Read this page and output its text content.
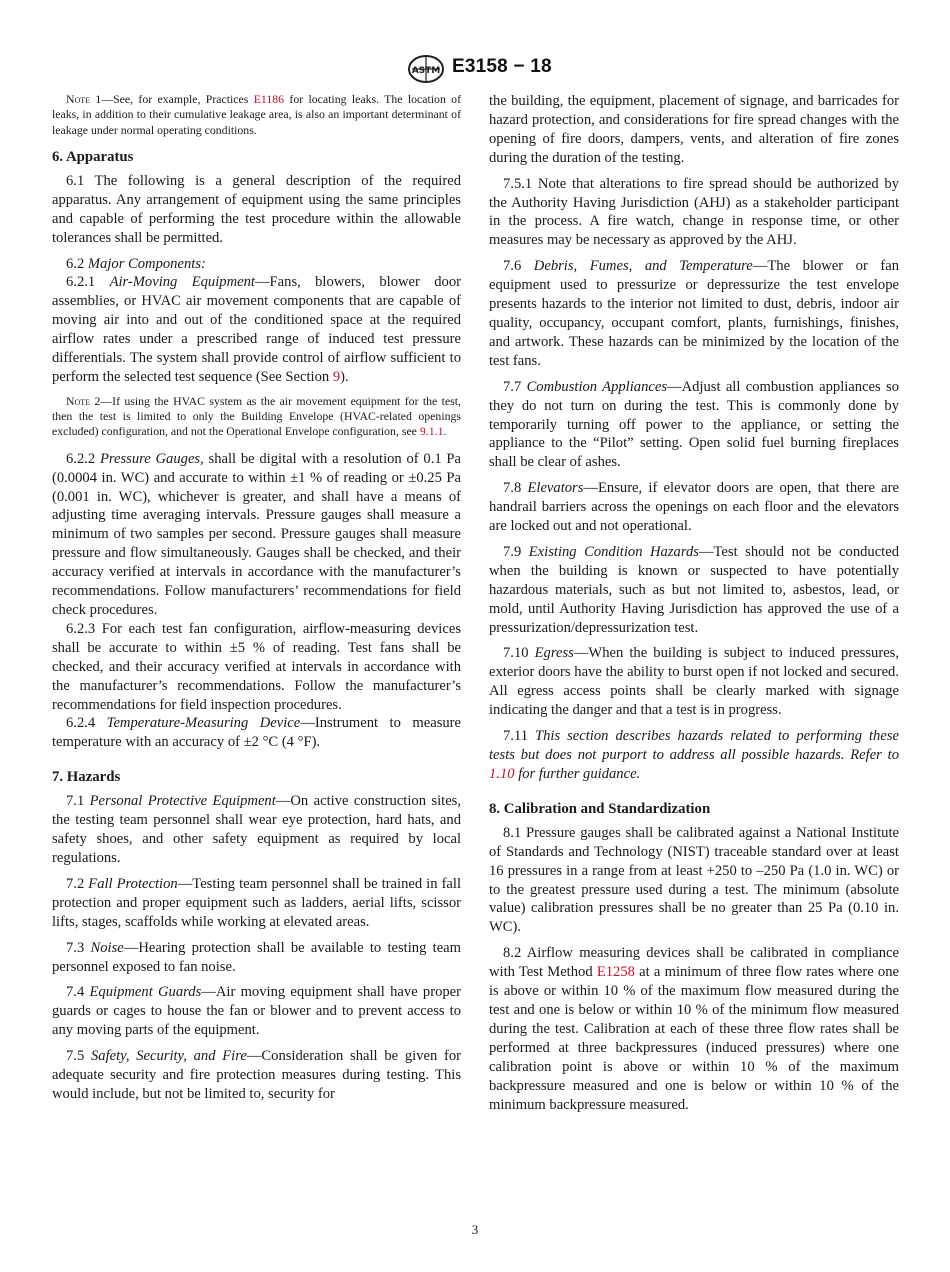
ASTM E3158 − 18

Note 1—See, for example, Practices E1186 for locating leaks. The location of leaks, in addition to their cumulative leakage area, is also an important determinant of leakage under normal operating conditions.

6. Apparatus

6.1 The following is a general description of the required apparatus. Any arrangement of equipment using the same principles and capable of performing the test procedure within the allowable tolerances shall be permitted.

6.2 Major Components:

6.2.1 Air-Moving Equipment—Fans, blowers, blower door assemblies, or HVAC air movement components that are capable of moving air into and out of the conditioned space at the required airflow rates under a prescribed range of induced test pressure differentials. The system shall provide control of airflow sufficient to perform the selected test sequence (See Section 9).

Note 2—If using the HVAC system as the air movement equipment for the test, then the test is limited to only the Building Envelope (HVAC-related openings excluded) configuration, and not the Operational Envelope configuration, see 9.1.1.

6.2.2 Pressure Gauges, shall be digital with a resolution of 0.1 Pa (0.0004 in. WC) and accurate to within ±1 % of reading or ±0.25 Pa (0.001 in. WC), whichever is greater, and shall have a means of adjusting time averaging intervals. Pressure gauges shall measure a minimum of two samples per second. Pressure gauges shall measure pressure and flow simultaneously. Gauges shall be checked, and their accuracy verified at intervals in accordance with the manufacturer’s recommendations. Follow manufacturers’ recommendations for field check procedures.

6.2.3 For each test fan configuration, airflow-measuring devices shall be accurate to within ±5 % of reading. Test fans shall be checked, and their accuracy verified at intervals in accordance with the manufacturer’s recommendations. Follow the manufacturer’s recommendations for field inspection procedures.

6.2.4 Temperature-Measuring Device—Instrument to measure temperature with an accuracy of ±2 °C (4 °F).

7. Hazards

7.1 Personal Protective Equipment—On active construction sites, the testing team personnel shall wear eye protection, hard hats, and safety shoes, and other safety equipment as required by local regulations.

7.2 Fall Protection—Testing team personnel shall be trained in fall protection and proper equipment such as ladders, aerial lifts, scissor lifts, stages, scaffolds while working at elevated areas.

7.3 Noise—Hearing protection shall be available to testing team personnel exposed to fan noise.

7.4 Equipment Guards—Air moving equipment shall have proper guards or cages to house the fan or blower and to prevent access to any moving parts of the equipment.

7.5 Safety, Security, and Fire—Consideration shall be given for adequate security and fire protection measures during testing. This would include, but not be limited to, security for

the building, the equipment, placement of signage, and barricades for hazard protection, and considerations for fire spread changes with the opening of fire doors, dampers, vents, and alteration of fire zones during the duration of the testing.

7.5.1 Note that alterations to fire spread should be authorized by the Authority Having Jurisdiction (AHJ) as a stakeholder participant in the process. A fire watch, change in response time, or other measures may be necessary as approved by the AHJ.

7.6 Debris, Fumes, and Temperature—The blower or fan equipment used to pressurize or depressurize the test envelope presents hazards to the interior not limited to dust, debris, indoor air quality, occupancy, occupant comfort, plants, furnishings, finishes, and artwork. These hazards can be minimized by the location of the test fans.

7.7 Combustion Appliances—Adjust all combustion appliances so they do not turn on during the test. This is commonly done by temporarily turning off power to the appliance, or setting the appliance to the “Pilot” setting. Open solid fuel burning fireplaces shall be clear of ashes.

7.8 Elevators—Ensure, if elevator doors are open, that there are handrail barriers across the openings on each floor and the elevators are locked out and not operational.

7.9 Existing Condition Hazards—Test should not be conducted when the building is known or suspected to have potentially hazardous materials, such as but not limited to, asbestos, lead, or mold, until Authority Having Jurisdiction has approved the use of a pressurization/depressurization test.

7.10 Egress—When the building is subject to induced pressures, exterior doors have the ability to burst open if not locked and secured. All egress access points shall be clearly marked with signage indicating the danger and that a test is in progress.

7.11 This section describes hazards related to performing these tests but does not purport to address all possible hazards. Refer to 1.10 for further guidance.

8. Calibration and Standardization

8.1 Pressure gauges shall be calibrated against a National Institute of Standards and Technology (NIST) traceable standard over at least 16 pressures in a range from at least +250 to –250 Pa (1.0 in. WC) or to the greatest pressure used during a test. The minimum (absolute value) calibration pressures shall be no greater than 25 Pa (0.10 in. WC).

8.2 Airflow measuring devices shall be calibrated in compliance with Test Method E1258 at a minimum of three flow rates where one is above or within 10 % of the maximum flow measured during the test and one is below or within 10 % of the minimum flow measured during the test. Calibration at each of these three flow rates shall be performed at three backpressures (induced pressures) where one calibration point is above or within 10 % of the maximum backpressure measured and one is below or within 10 % of the minimum backpressure measured.

3
